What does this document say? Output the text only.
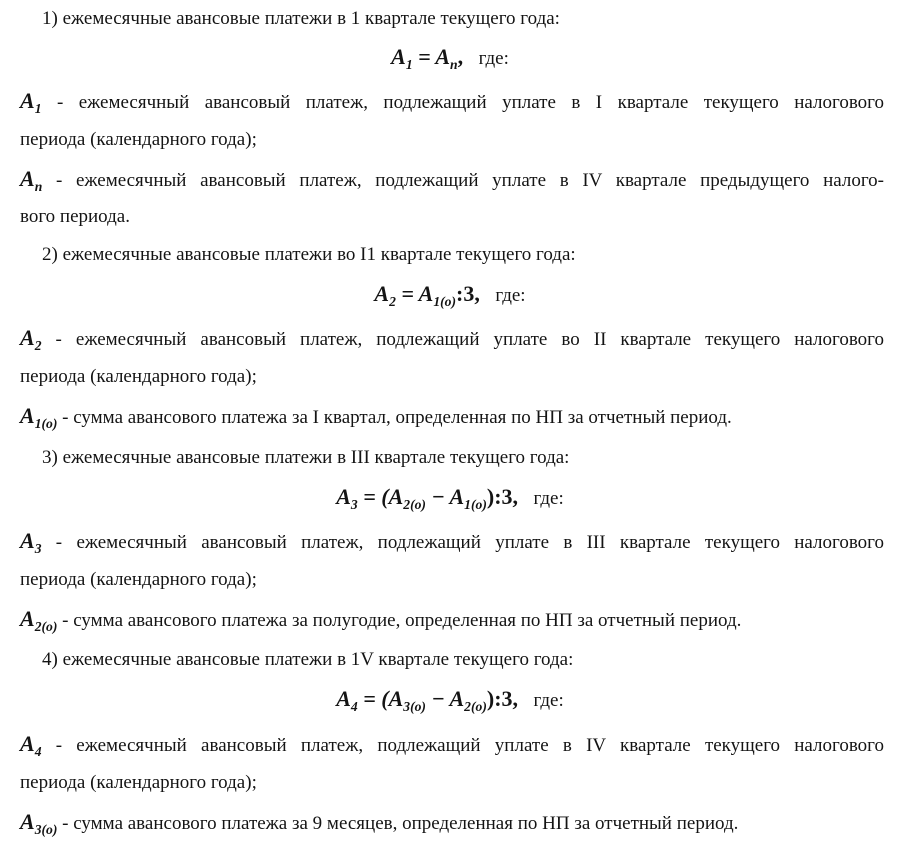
1) ежемесячные авансовые платежи в 1 квартале текущего года:
$A_1 = A_n$, где:
$A_1$ - ежемесячный авансовый платеж, подлежащий уплате в I квартале текущего налогового
периода (календарного года);
$A_n$ - ежемесячный авансовый платеж, подлежащий уплате в IV квартале предыдущего налого-
вого периода.
2) ежемесячные авансовые платежи во I1 квартале текущего года:
$A_2$ = $A_{1(o)}:3$, где:
$A_2$ - ежемесячный авансовый платеж, подлежащий уплате во II квартале текущего налогового
периода (календарного года);
$A_{1(o)}$ - сумма авансового платежа за I квартал, определенная по НП за отчетный период.
3) ежемесячные авансовые платежи в III квартале текущего года:
$A_3 = (A_{2(o)}$ − $A_{1(o)}):3$, где:
$A_3$ - ежемесячный авансовый платеж, подлежащий уплате в III квартале текущего налогового
периода (календарного года);
$A_{2(o)}$ - сумма авансового платежа за полугодие, определенная по НП за отчетный период.
4) ежемесячные авансовые платежи в 1V квартале текущего года:
$A_4 = (A_{3(o)}$ − $A_{2(o)}):3$, где:
$A_4$ - ежемесячный авансовый платеж, подлежащий уплате в IV квартале текущего налогового
периода (календарного года);
$A_{3(o)}$ - сумма авансового платежа за 9 месяцев, определенная по НП за отчетный период.
